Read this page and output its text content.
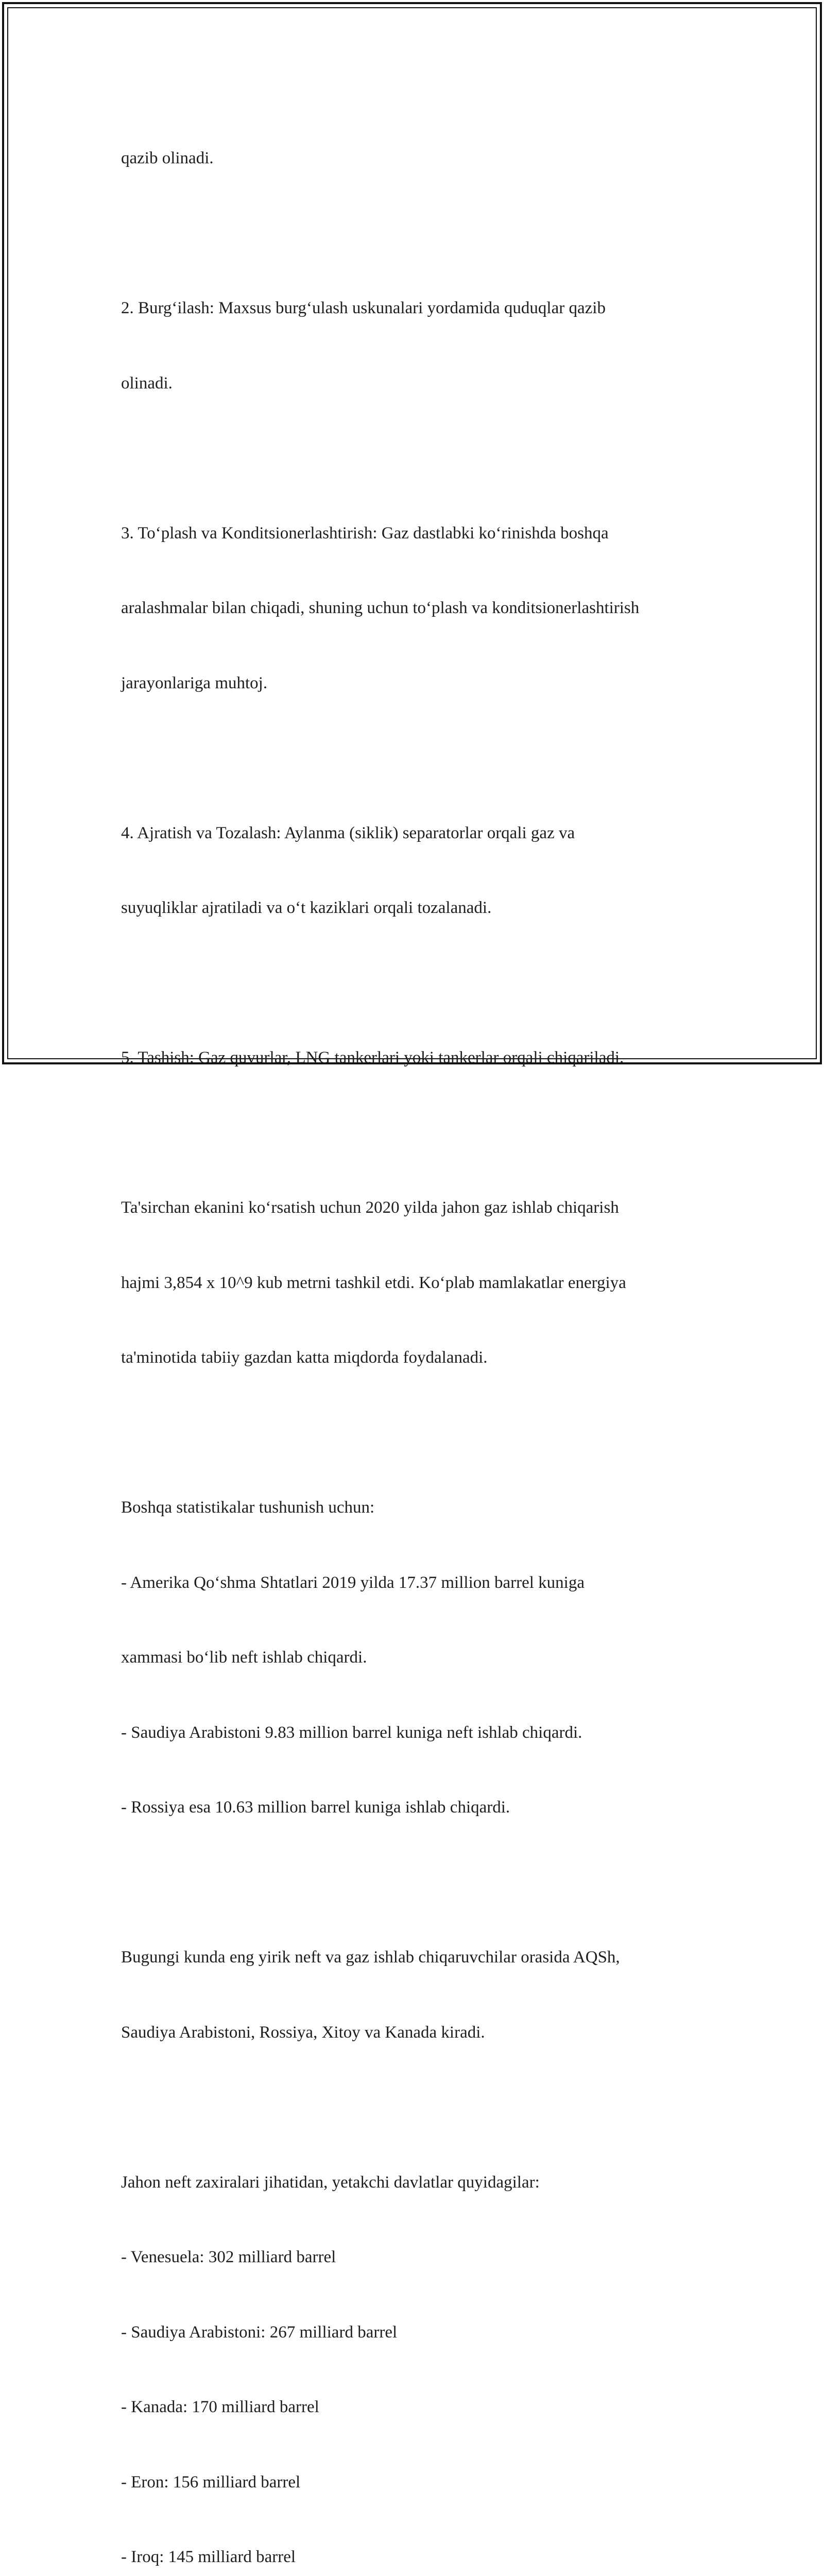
qazib olinadi.

2. Burg‘ilash: Maxsus burg‘ulash uskunalari yordamida quduqlar qazib

olinadi.

3. To‘plash va Konditsionerlashtirish: Gaz dastlabki ko‘rinishda boshqa

aralashmalar bilan chiqadi, shuning uchun to‘plash va konditsionerlashtirish

jarayonlariga muhtoj.

4. Ajratish va Tozalash: Aylanma (siklik) separatorlar orqali gaz va

suyuqliklar ajratiladi va o‘t kaziklari orqali tozalanadi.

5. Tashish: Gaz quvurlar, LNG tankerlari yoki tankerlar orqali chiqariladi.

Ta'sirchan ekanini ko‘rsatish uchun 2020 yilda jahon gaz ishlab chiqarish

hajmi 3,854 x 10^9 kub metrni tashkil etdi. Ko‘plab mamlakatlar energiya

ta'minotida tabiiy gazdan katta miqdorda foydalanadi.

Boshqa statistikalar tushunish uchun:

- Amerika Qo‘shma Shtatlari 2019 yilda 17.37 million barrel kuniga

xammasi bo‘lib neft ishlab chiqardi.

- Saudiya Arabistoni 9.83 million barrel kuniga neft ishlab chiqardi.

- Rossiya esa 10.63 million barrel kuniga ishlab chiqardi.

Bugungi kunda eng yirik neft va gaz ishlab chiqaruvchilar orasida AQSh,

Saudiya Arabistoni, Rossiya, Xitoy va Kanada kiradi.

Jahon neft zaxiralari jihatidan, yetakchi davlatlar quyidagilar:

- Venesuela: 302 milliard barrel

- Saudiya Arabistoni: 267 milliard barrel

- Kanada: 170 milliard barrel

- Eron: 156 milliard barrel

- Iroq: 145 milliard barrel
